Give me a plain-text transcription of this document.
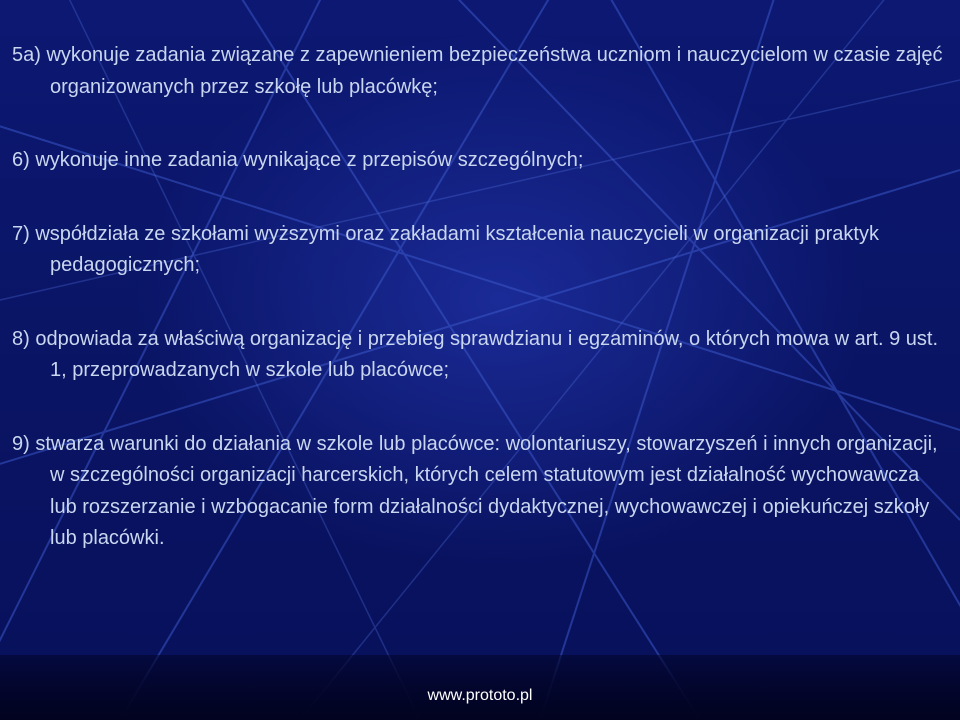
5a) wykonuje zadania związane z zapewnieniem bezpieczeństwa uczniom i nauczycielom w czasie zajęć organizowanych przez szkołę lub placówkę;

6) wykonuje inne zadania wynikające z przepisów szczególnych;

7) współdziała ze szkołami wyższymi oraz zakładami kształcenia nauczycieli w organizacji praktyk pedagogicznych;

8) odpowiada za właściwą organizację i przebieg sprawdzianu i egzaminów, o których mowa w art. 9 ust. 1, przeprowadzanych w szkole lub placówce;

9) stwarza warunki do działania w szkole lub placówce: wolontariuszy, stowarzyszeń i innych organizacji, w szczególności organizacji harcerskich, których celem statutowym jest działalność wychowawcza lub rozszerzanie i wzbogacanie form działalności dydaktycznej, wychowawczej i opiekuńczej szkoły lub placówki.

www.prototo.pl
